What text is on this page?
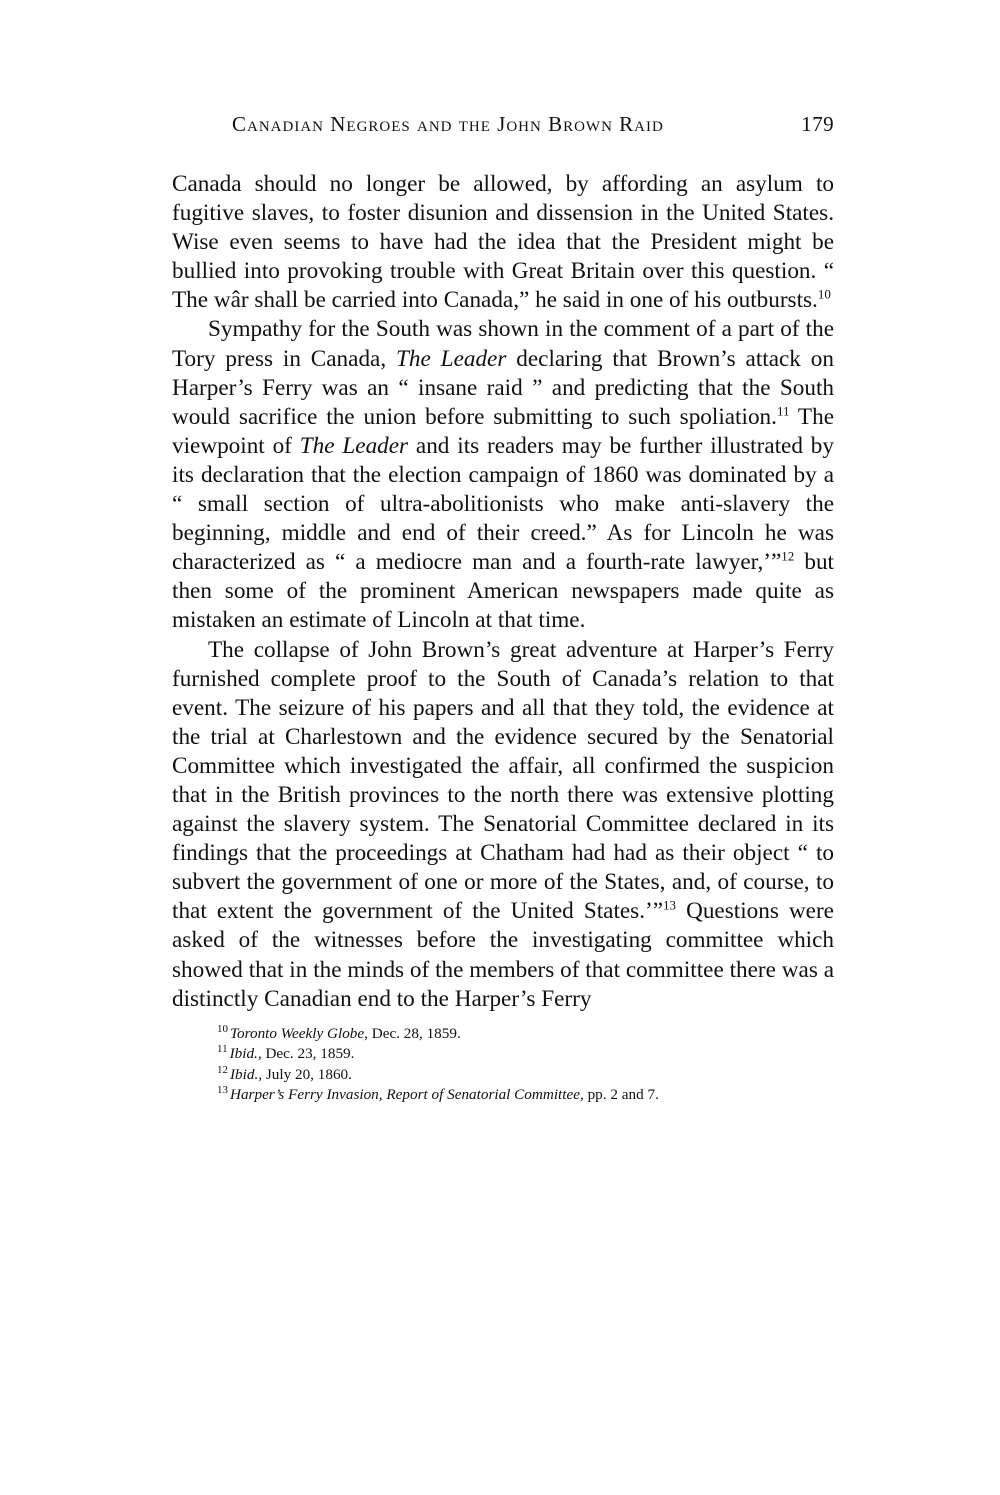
Canadian Negroes and the John Brown Raid	179

Canada should no longer be allowed, by affording an asylum to fugitive slaves, to foster disunion and dissension in the United States. Wise even seems to have had the idea that the President might be bullied into provoking trouble with Great Britain over this question. “ The wâr shall be carried into Canada,” he said in one of his outbursts.$^{10}$

Sympathy for the South was shown in the comment of a part of the Tory press in Canada, The Leader declaring that Brown’s attack on Harper’s Ferry was an “ insane raid ” and predicting that the South would sacrifice the union before submitting to such spoliation.$^{11}$ The viewpoint of The Leader and its readers may be further illustrated by its declaration that the election campaign of 1860 was dominated by a “ small section of ultra-abolitionists who make anti-slavery the beginning, middle and end of their creed.” As for Lincoln he was characterized as “ a mediocre man and a fourth-rate lawyer,’”$^{12}$ but then some of the prominent American newspapers made quite as mistaken an estimate of Lincoln at that time.

The collapse of John Brown’s great adventure at Harper’s Ferry furnished complete proof to the South of Canada’s relation to that event. The seizure of his papers and all that they told, the evidence at the trial at Charlestown and the evidence secured by the Senatorial Committee which investigated the affair, all confirmed the suspicion that in the British provinces to the north there was extensive plotting against the slavery system. The Senatorial Committee declared in its findings that the proceedings at Chatham had had as their object “ to subvert the government of one or more of the States, and, of course, to that extent the government of the United States.’”$^{13}$ Questions were asked of the witnesses before the investigating committee which showed that in the minds of the members of that committee there was a distinctly Canadian end to the Harper’s Ferry

$^{10}$ Toronto Weekly Globe, Dec. 28, 1859.
$^{11}$ Ibid., Dec. 23, 1859.
$^{12}$ Ibid., July 20, 1860.
$^{13}$ Harper’s Ferry Invasion, Report of Senatorial Committee, pp. 2 and 7.
